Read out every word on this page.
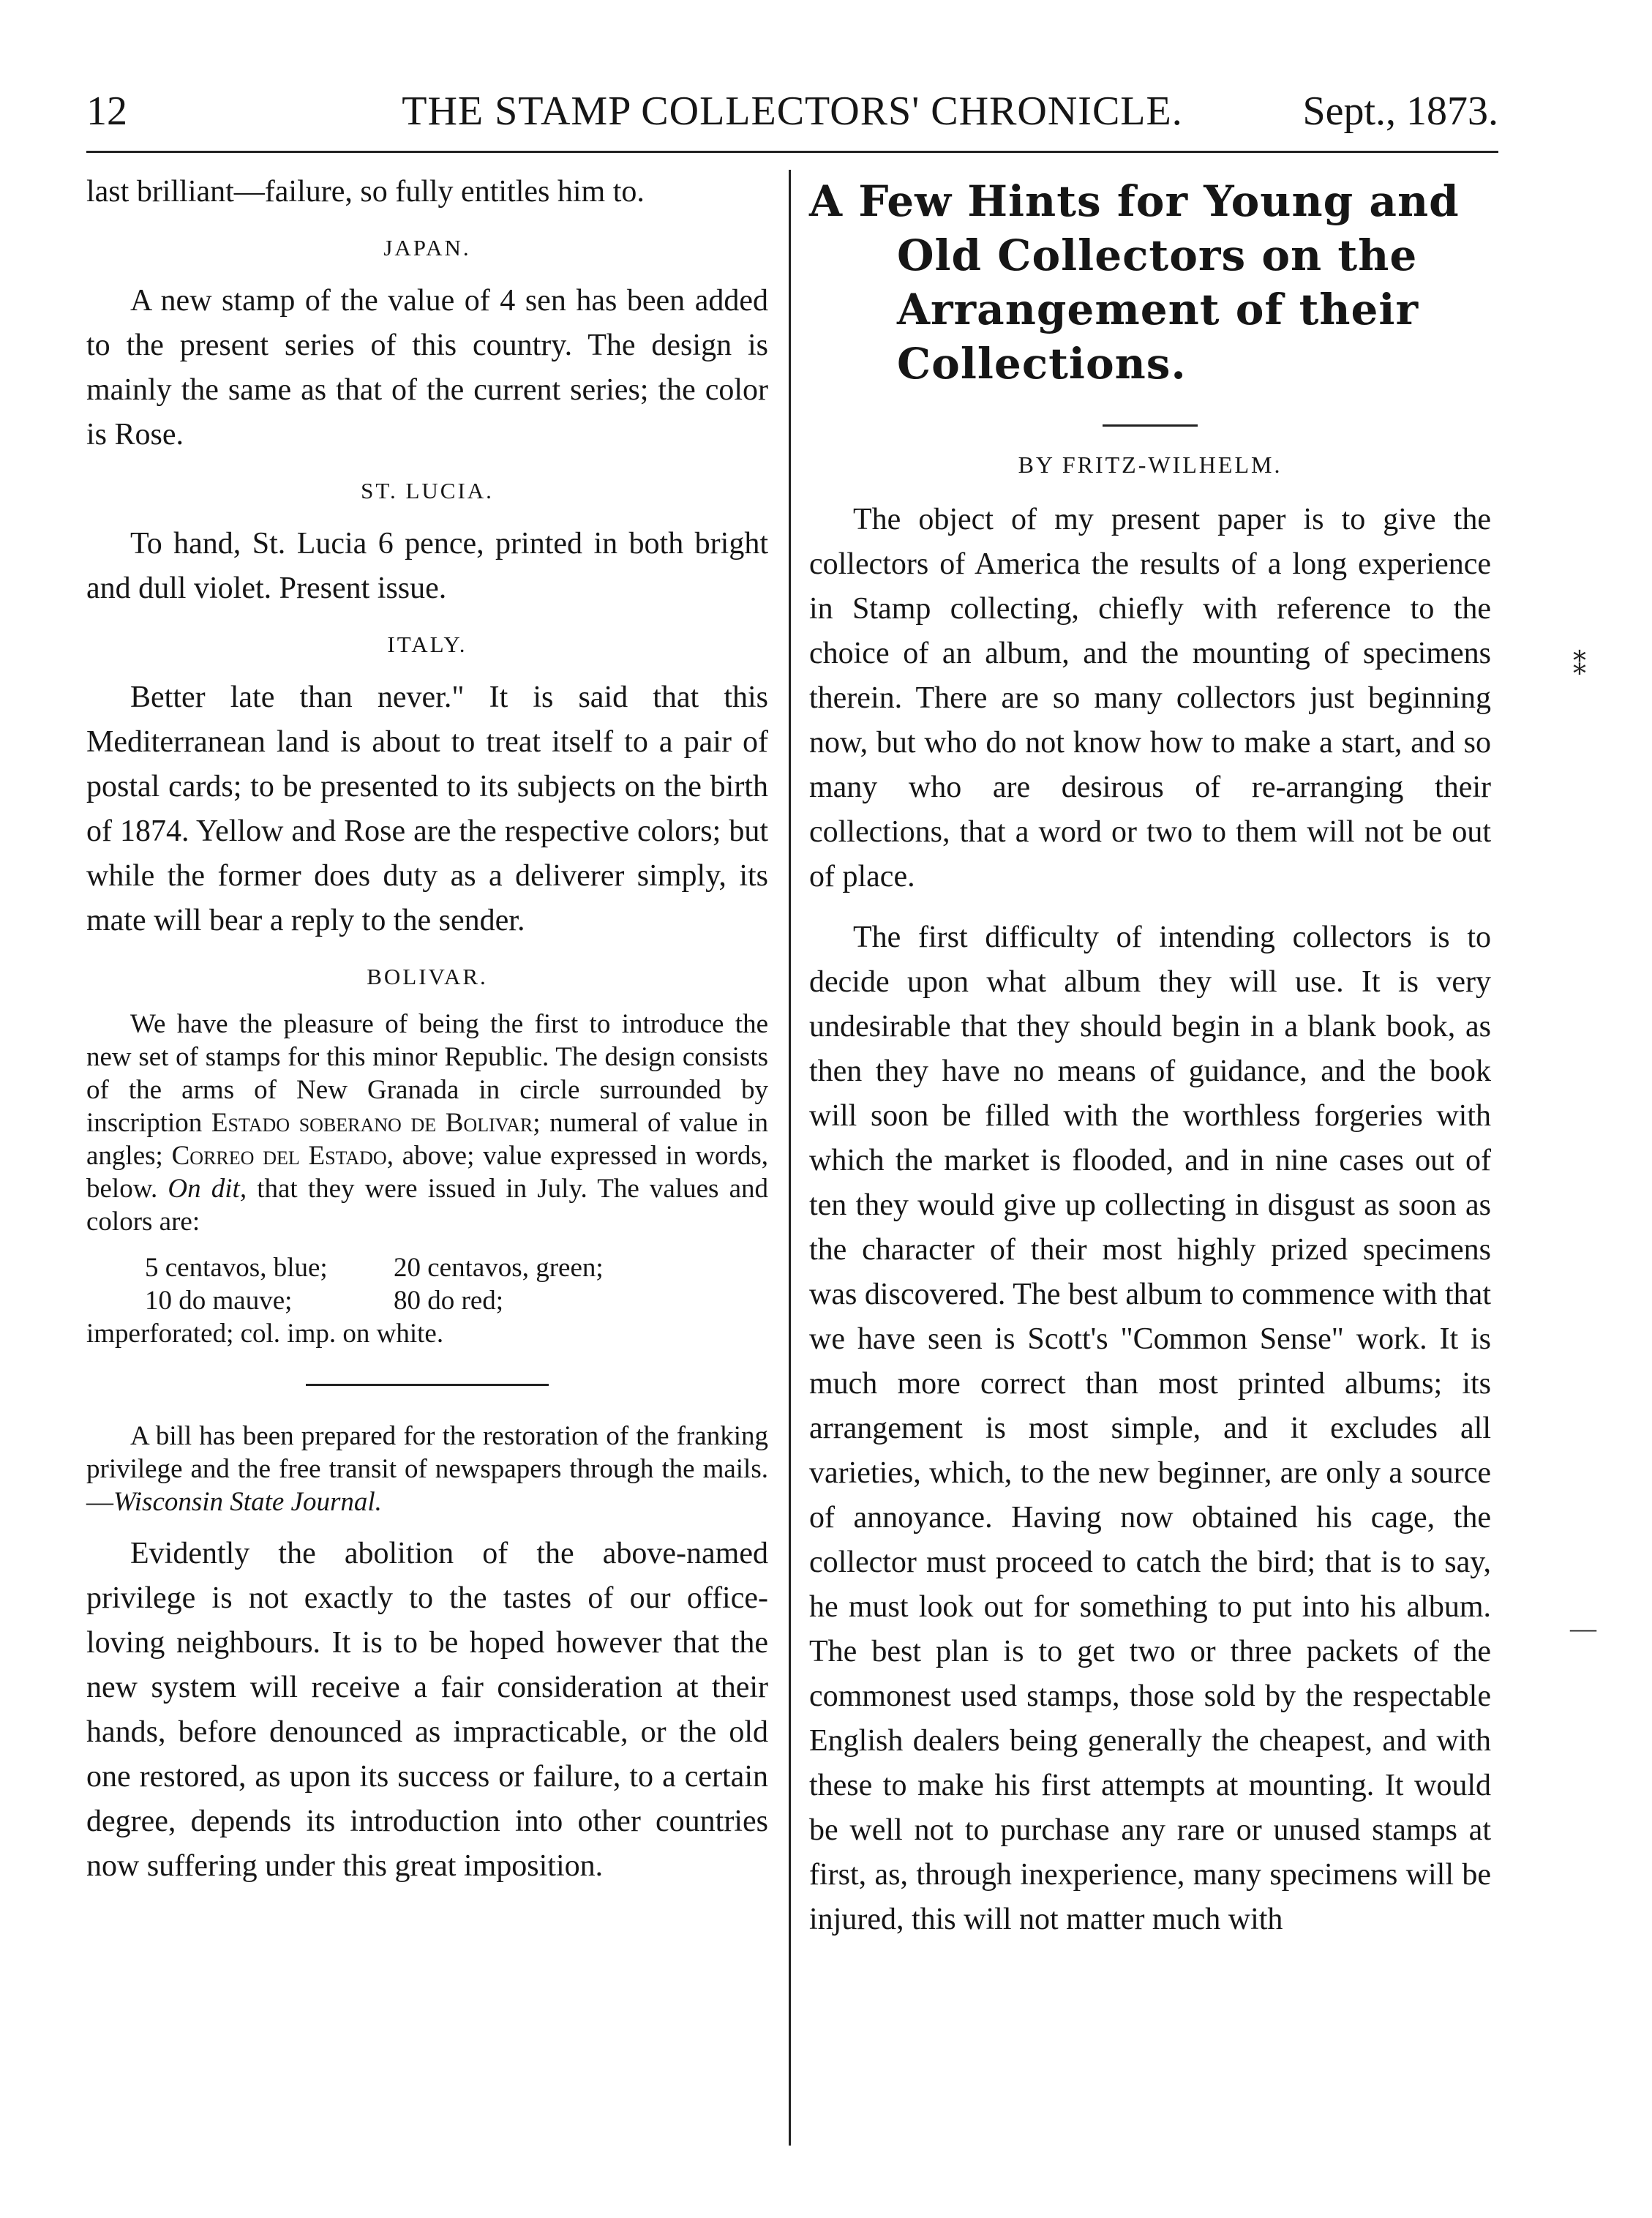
12	THE STAMP COLLECTORS' CHRONICLE.	Sept., 1873.

last brilliant—failure, so fully entitles him to.

JAPAN.

A new stamp of the value of 4 sen has been added to the present series of this country. The design is mainly the same as that of the current series; the color is Rose.

ST. LUCIA.

To hand, St. Lucia 6 pence, printed in both bright and dull violet. Present issue.

ITALY.

Better late than never." It is said that this Mediterranean land is about to treat itself to a pair of postal cards; to be presented to its subjects on the birth of 1874. Yellow and Rose are the respective colors; but while the former does duty as a deliverer simply, its mate will bear a reply to the sender.

BOLIVAR.

We have the pleasure of being the first to introduce the new set of stamps for this minor Republic. The design consists of the arms of New Granada in circle surrounded by inscription Estado soberano de Bolivar; numeral of value in angles; Correo del Estado, above; value expressed in words, below. On dit, that they were issued in July. The values and colors are:

5 centavos, blue;	20 centavos, green;
10 do mauve;	80 do red;

imperforated; col. imp. on white.

A bill has been prepared for the restoration of the franking privilege and the free transit of newspapers through the mails.—Wisconsin State Journal.

Evidently the abolition of the above-named privilege is not exactly to the tastes of our office-loving neighbours. It is to be hoped however that the new system will receive a fair consideration at their hands, before denounced as impracticable, or the old one restored, as upon its success or failure, to a certain degree, depends its introduction into other countries now suffering under this great imposition.

A Few Hints for Young and Old Collectors on the Arrangement of their Collections.
BY FRITZ-WILHELM.

The object of my present paper is to give the collectors of America the results of a long experience in Stamp collecting, chiefly with reference to the choice of an album, and the mounting of specimens therein. There are so many collectors just beginning now, but who do not know how to make a start, and so many who are desirous of re-arranging their collections, that a word or two to them will not be out of place.

The first difficulty of intending collectors is to decide upon what album they will use. It is very undesirable that they should begin in a blank book, as then they have no means of guidance, and the book will soon be filled with the worthless forgeries with which the market is flooded, and in nine cases out of ten they would give up collecting in disgust as soon as the character of their most highly prized specimens was discovered. The best album to commence with that we have seen is Scott's "Common Sense" work. It is much more correct than most printed albums; its arrangement is most simple, and it excludes all varieties, which, to the new beginner, are only a source of annoyance. Having now obtained his cage, the collector must proceed to catch the bird; that is to say, he must look out for something to put into his album. The best plan is to get two or three packets of the commonest used stamps, those sold by the respectable English dealers being generally the cheapest, and with these to make his first attempts at mounting. It would be well not to purchase any rare or unused stamps at first, as, through inexperience, many specimens will be injured, this will not matter much with

⁑
—
